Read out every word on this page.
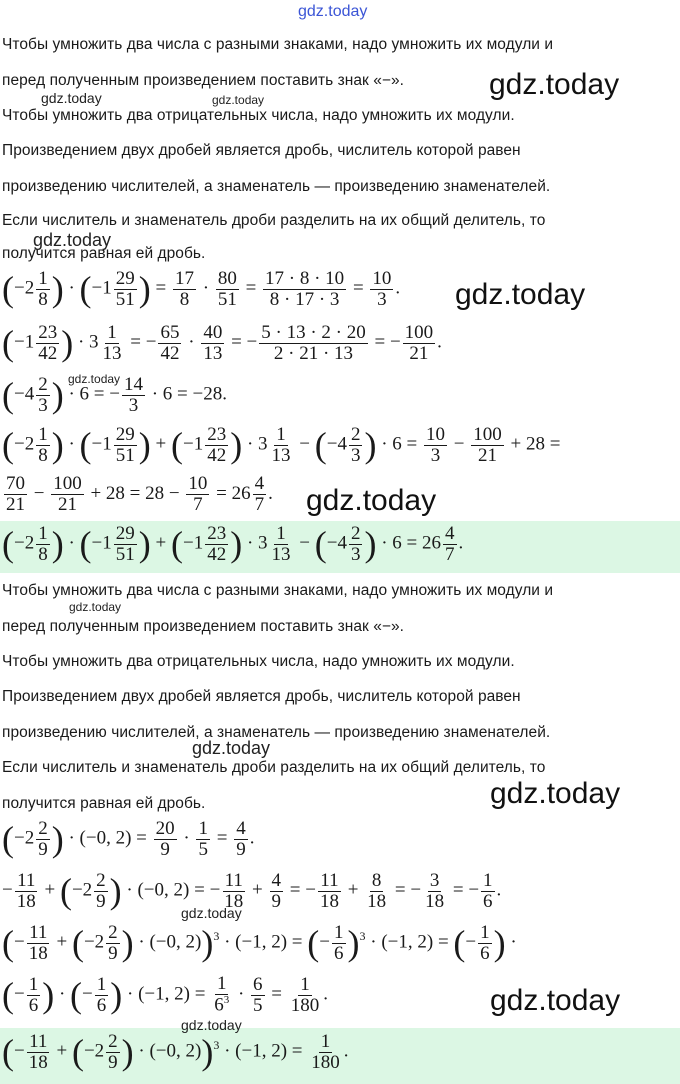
gdz.today
Чтобы умножить два числа с разными знаками, надо умножить их модули и
перед полученным произведением поставить знак «−».
Чтобы умножить два отрицательных числа, надо умножить их модули.
Произведением двух дробей является дробь, числитель которой равен
произведению числителей, а знаменатель — произведению знаменателей.
Если числитель и знаменатель дроби разделить на их общий делитель, то
получится равная ей дробь.
($-2 \frac{1}{8}$ ) · ($-1 \frac{29}{51}$ ) = $\frac{17}{8} \cdot \frac{80}{51} = \frac{17 \cdot 8 \cdot 10}{8 \cdot 17 \cdot 3} = \frac{10}{3}$ .
($-1 \frac{23}{42}$ ) · $3 \frac{1}{13}$ = − $\frac{65}{42} \cdot \frac{40}{13}$ = − $\frac{5 \cdot 13 \cdot 2 \cdot 20}{2 \cdot 21 \cdot 13}$ = − $\frac{100}{21}$ .
($-4 \frac{2}{3}$ ) · 6 = − $\frac{14}{3} \cdot 6 = -28$.
($-2 \frac{1}{8}$ ) · ($-1 \frac{29}{51}$ ) + ($-1 \frac{23}{42}$ ) · $3 \frac{1}{13} - (-4 \frac{2}{3}$ ) · $6 = \frac{10}{3} - \frac{100}{21} + 28$ =
$\frac{70}{21} - \frac{100}{21} + 28 = 28 - \frac{10}{7} = 26 \frac{4}{7}$ .
($-2 \frac{1}{8}$ ) · ($-1 \frac{29}{51}$ ) + ($-1 \frac{23}{42}$ ) · $3 \frac{1}{13} - (-4 \frac{2}{3}$ ) · $6 = 26 \frac{4}{7}$ .
Чтобы умножить два числа с разными знаками, надо умножить их модули и
перед полученным произведением поставить знак «−».
Чтобы умножить два отрицательных числа, надо умножить их модули.
Произведением двух дробей является дробь, числитель которой равен
произведению числителей, а знаменатель — произведению знаменателей.
Если числитель и знаменатель дроби разделить на их общий делитель, то
получится равная ей дробь.
($-2 \frac{2}{9}$ ) · (−0, $2) = \frac{20}{9} \cdot \frac{1}{5} = \frac{4}{9}$ .
− $\frac{11}{18} + (-2 \frac{2}{9}$ ) · (−0, 2) = − $\frac{11}{18} + \frac{4}{9}$ = − $\frac{11}{18} + \frac{8}{18}$ = − $\frac{3}{18}$ = − $\frac{1}{6}$ .
(− $\frac{11}{18} + (-2 \frac{2}{9}$ ) · (−0, 2))$^3$ · (−1, 2) = (− $\frac{1}{6} )^3 \cdot (-1$, 2) = (− $\frac{1}{6}$ ) ·
(− $\frac{1}{6}$ ) · (− $\frac{1}{6}$ ) · (−1, $2) = \frac{1}{6^3} \cdot \frac{6}{5} = \frac{1}{180}$ .
(− $\frac{11}{18} + (-2 \frac{2}{9}$ ) · (−0, 2))$^3$ · (−1, $2) = \frac{1}{180}$ .
gdz.today
gdz.today	gdz.today
gdz.today
gdz.today
gdz.today
gdz.today
gdz.today
gdz.today
gdz.today
gdz.today
gdz.today
gdz.today
